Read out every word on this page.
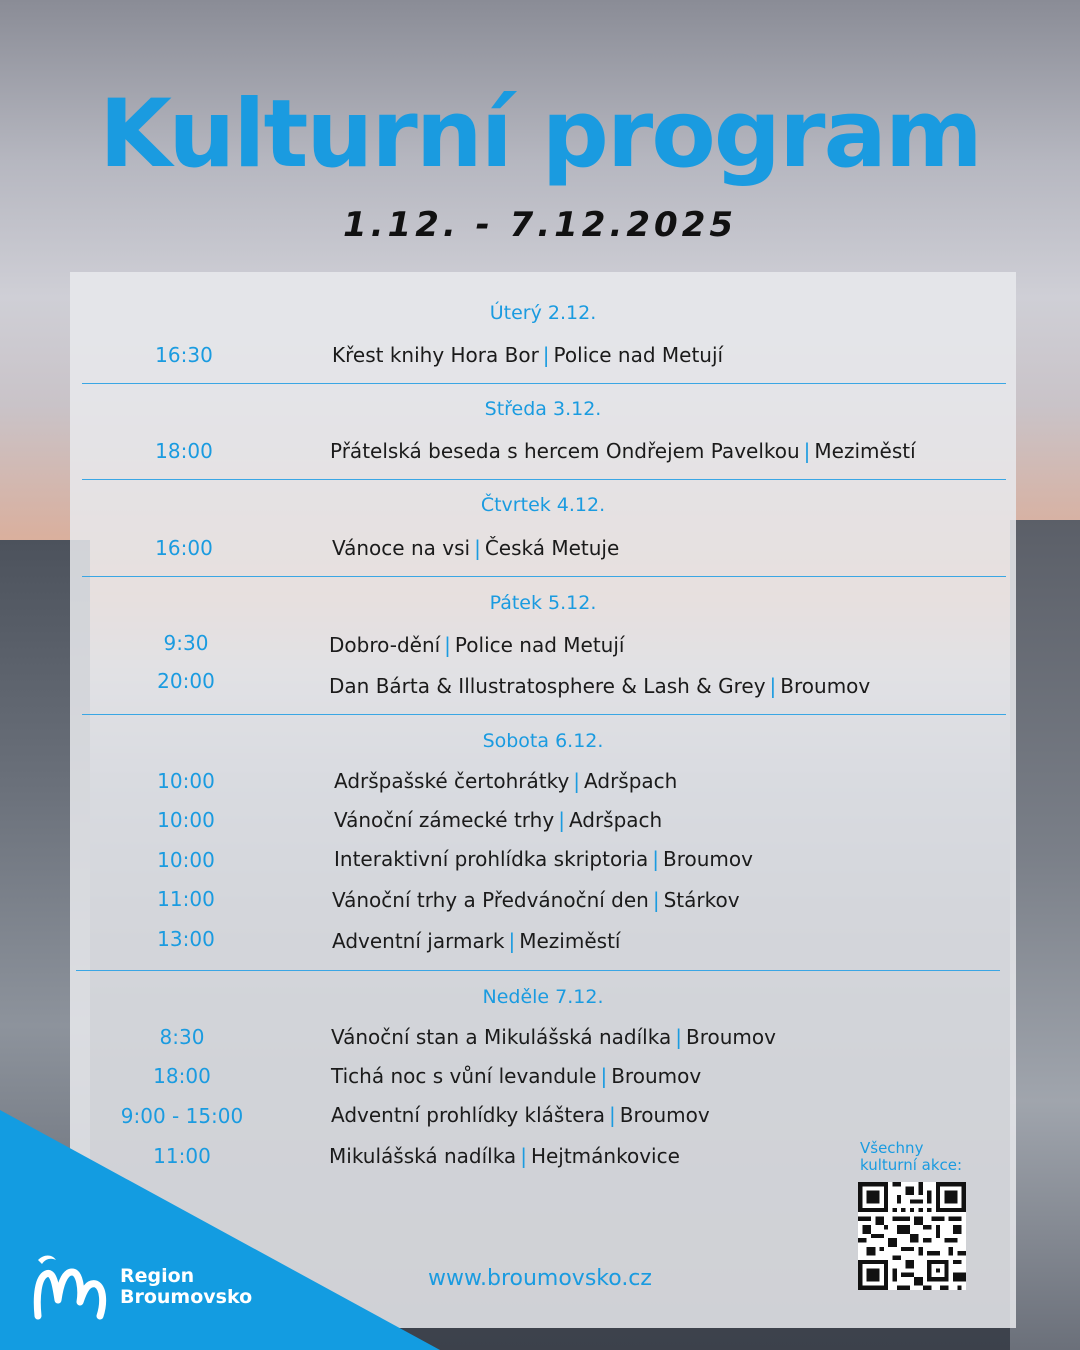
Kulturní program
1.12. - 7.12.2025
Úterý 2.12.
16:30	Křest knihy Hora Bor | Police nad Metují
Středa 3.12.
18:00	Přátelská beseda s hercem Ondřejem Pavelkou | Meziměstí
Čtvrtek 4.12.
16:00	Vánoce na vsi | Česká Metuje
Pátek 5.12.
9:30	Dobro-dění | Police nad Metují
20:00	Dan Bárta & Illustratosphere & Lash & Grey | Broumov
Sobota 6.12.
10:00	Adršpašské čertohrátky | Adršpach
10:00	Vánoční zámecké trhy | Adršpach
10:00	Interaktivní prohlídka skriptoria | Broumov
11:00	Vánoční trhy a Předvánoční den | Stárkov
13:00	Adventní jarmark | Meziměstí
Neděle 7.12.
8:30	Vánoční stan a Mikulášská nadílka | Broumov
18:00	Tichá noc s vůní levandule | Broumov
9:00 - 15:00	Adventní prohlídky kláštera | Broumov
11:00	Mikulášská nadílka | Hejtmánkovice
Region
Broumovsko
www.broumovsko.cz
Všechny
kulturní akce:
